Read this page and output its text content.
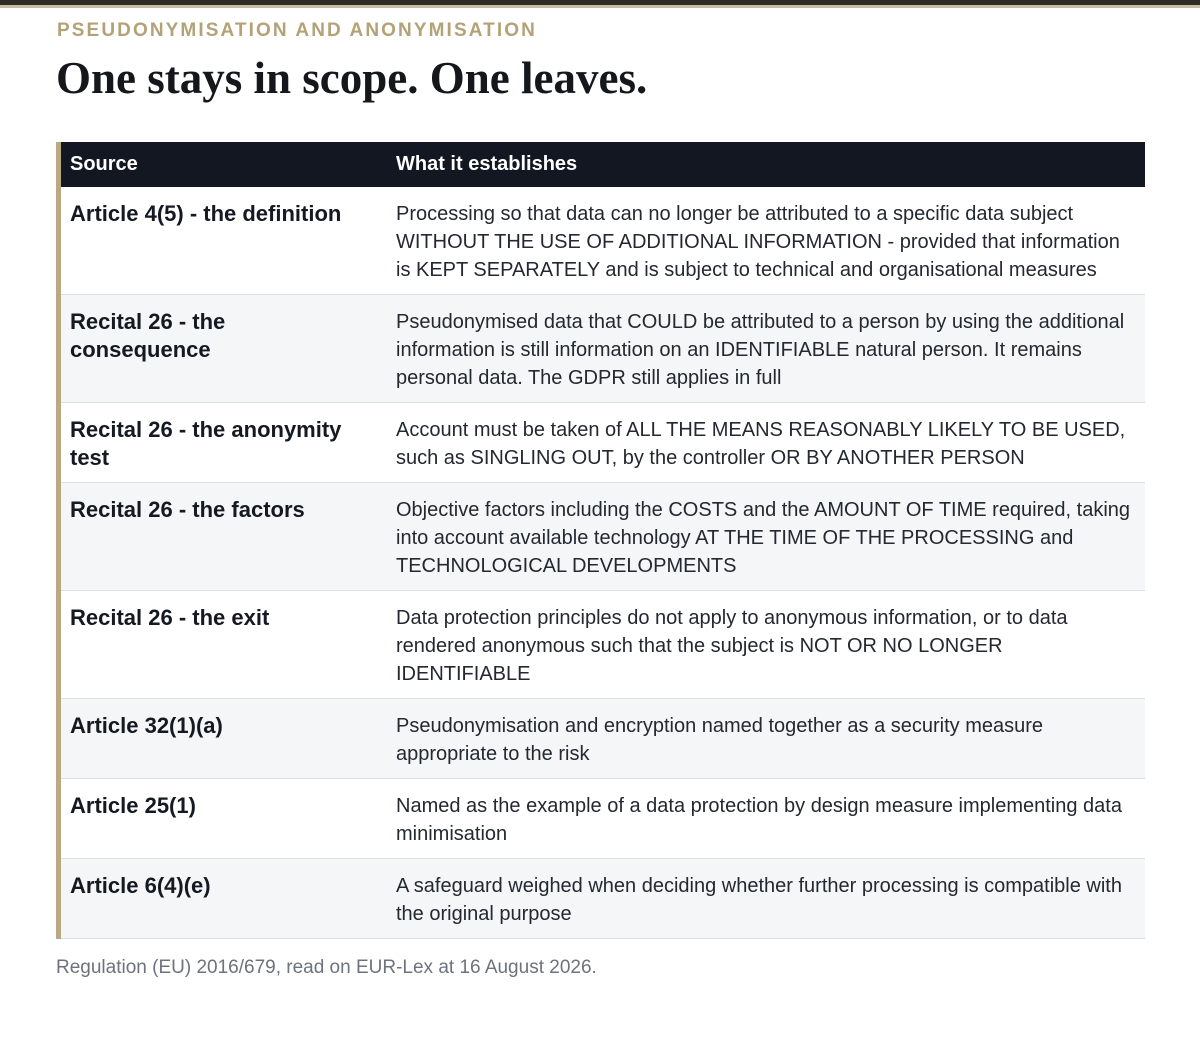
PSEUDONYMISATION AND ANONYMISATION
One stays in scope. One leaves.
Source	What it establishes
Article 4(5) - the definition	Processing so that data can no longer be attributed to a specific data subject WITHOUT THE USE OF ADDITIONAL INFORMATION - provided that information is KEPT SEPARATELY and is subject to technical and organisational measures
Recital 26 - the consequence	Pseudonymised data that COULD be attributed to a person by using the additional information is still information on an IDENTIFIABLE natural person. It remains personal data. The GDPR still applies in full
Recital 26 - the anonymity test	Account must be taken of ALL THE MEANS REASONABLY LIKELY TO BE USED, such as SINGLING OUT, by the controller OR BY ANOTHER PERSON
Recital 26 - the factors	Objective factors including the COSTS and the AMOUNT OF TIME required, taking into account available technology AT THE TIME OF THE PROCESSING and TECHNOLOGICAL DEVELOPMENTS
Recital 26 - the exit	Data protection principles do not apply to anonymous information, or to data rendered anonymous such that the subject is NOT OR NO LONGER IDENTIFIABLE
Article 32(1)(a)	Pseudonymisation and encryption named together as a security measure appropriate to the risk
Article 25(1)	Named as the example of a data protection by design measure implementing data minimisation
Article 6(4)(e)	A safeguard weighed when deciding whether further processing is compatible with the original purpose
Regulation (EU) 2016/679, read on EUR-Lex at 16 August 2026.
